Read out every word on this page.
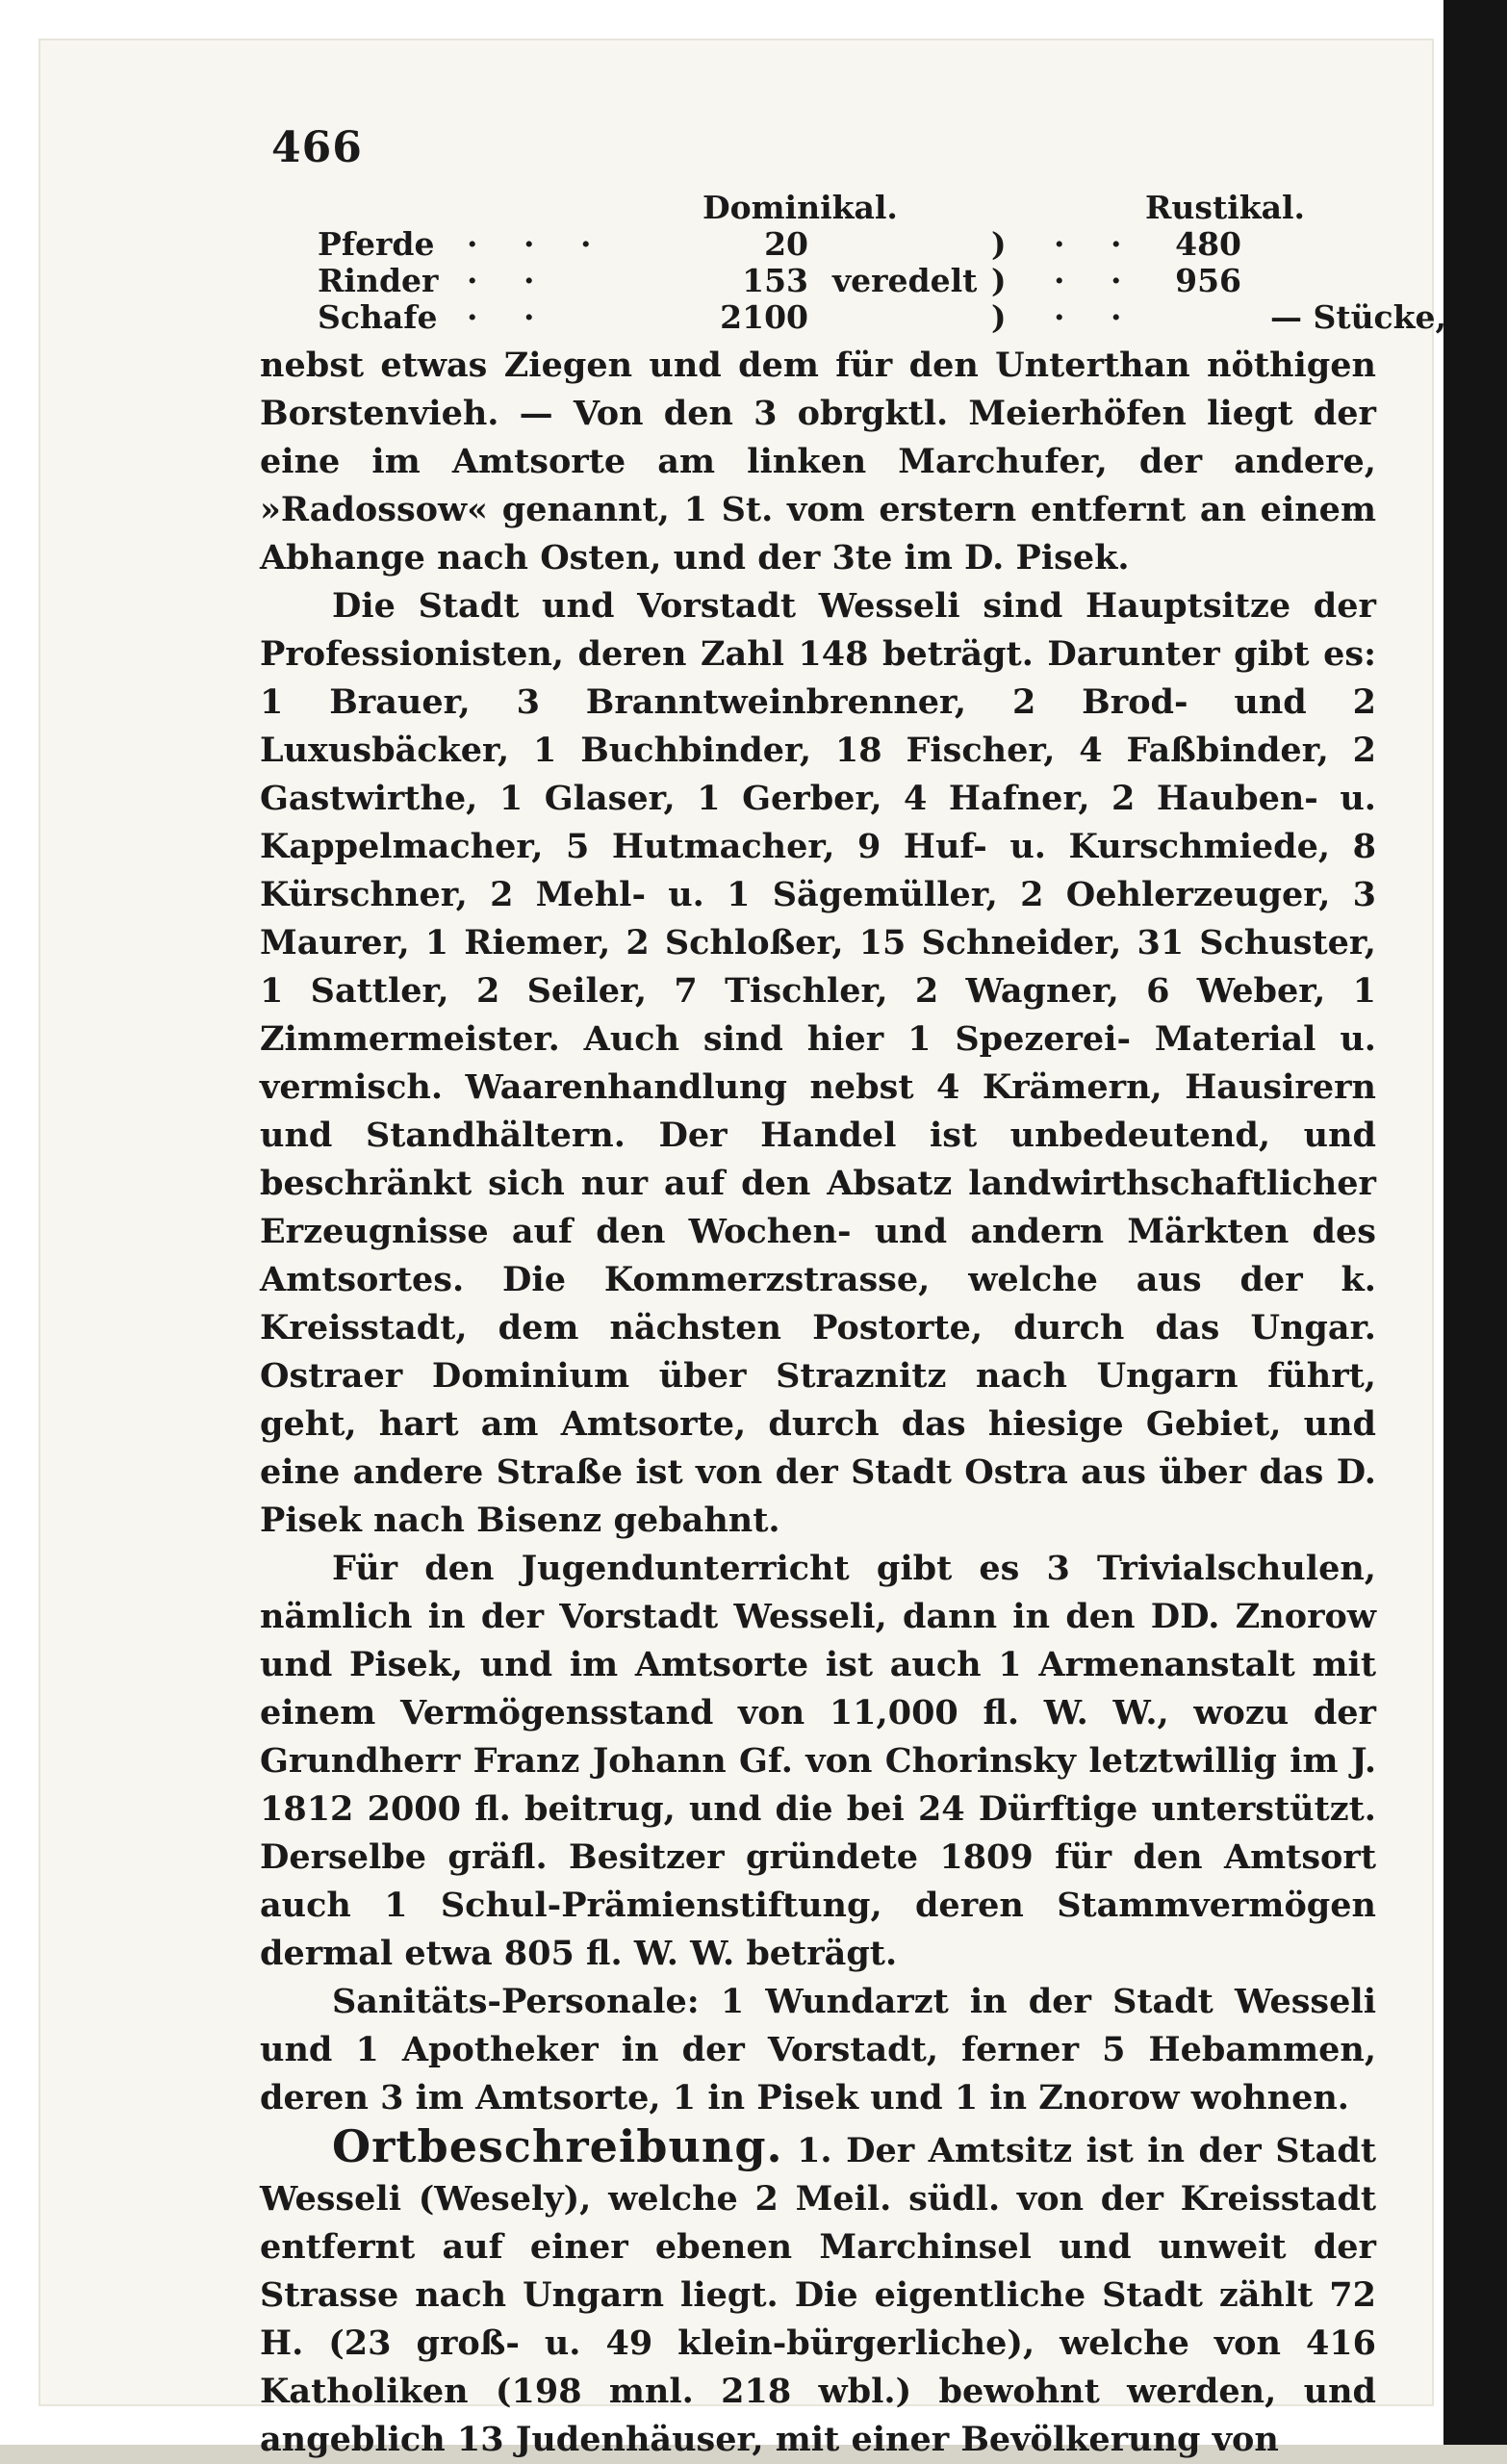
466
Dominikal.	Rustikal.
Pferde · · ·	20	) · ·	480
Rinder · ·	153 veredelt ) · ·	956
Schafe · ·	2100	) · ·	— Stücke,

nebst etwas Ziegen und dem für den Unterthan nöthigen Borstenvieh. — Von den 3 obrgktl. Meierhöfen liegt der eine im Amtsorte am linken Marchufer, der andere, »Radossow« genannt, 1 St. vom erstern entfernt an einem Abhange nach Osten, und der 3te im D. Pisek.

Die Stadt und Vorstadt Wesseli sind Hauptsitze der Professionisten, deren Zahl 148 beträgt. Darunter gibt es: 1 Brauer, 3 Branntweinbrenner, 2 Brod- und 2 Luxusbäcker, 1 Buchbinder, 18 Fischer, 4 Faßbinder, 2 Gastwirthe, 1 Glaser, 1 Gerber, 4 Hafner, 2 Hauben- u. Kappelmacher, 5 Hutmacher, 9 Huf- u. Kurschmiede, 8 Kürschner, 2 Mehl- u. 1 Sägemüller, 2 Oehlerzeuger, 3 Maurer, 1 Riemer, 2 Schloßer, 15 Schneider, 31 Schuster, 1 Sattler, 2 Seiler, 7 Tischler, 2 Wagner, 6 Weber, 1 Zimmermeister. Auch sind hier 1 Spezerei- Material u. vermisch. Waarenhandlung nebst 4 Krämern, Hausirern und Standhältern. Der Handel ist unbedeutend, und beschränkt sich nur auf den Absatz landwirthschaftlicher Erzeugnisse auf den Wochen- und andern Märkten des Amtsortes. Die Kommerzstrasse, welche aus der k. Kreisstadt, dem nächsten Postorte, durch das Ungar. Ostraer Dominium über Straznitz nach Ungarn führt, geht, hart am Amtsorte, durch das hiesige Gebiet, und eine andere Straße ist von der Stadt Ostra aus über das D. Pisek nach Bisenz gebahnt.

Für den Jugendunterricht gibt es 3 Trivialschulen, nämlich in der Vorstadt Wesseli, dann in den DD. Znorow und Pisek, und im Amtsorte ist auch 1 Armenanstalt mit einem Vermögensstand von 11,000 fl. W. W., wozu der Grundherr Franz Johann Gf. von Chorinsky letztwillig im J. 1812 2000 fl. beitrug, und die bei 24 Dürftige unterstützt. Derselbe gräfl. Besitzer gründete 1809 für den Amtsort auch 1 Schul-Prämienstiftung, deren Stammvermögen dermal etwa 805 fl. W. W. beträgt.

Sanitäts-Personale: 1 Wundarzt in der Stadt Wesseli und 1 Apotheker in der Vorstadt, ferner 5 Hebammen, deren 3 im Amtsorte, 1 in Pisek und 1 in Znorow wohnen.

Ortbeschreibung. 1. Der Amtsitz ist in der Stadt Wesseli (Wesely), welche 2 Meil. südl. von der Kreisstadt entfernt auf einer ebenen Marchinsel und unweit der Strasse nach Ungarn liegt. Die eigentliche Stadt zählt 72 H. (23 groß- u. 49 klein-bürgerliche), welche von 416 Katholiken (198 mnl. 218 wbl.) bewohnt werden, und angeblich 13 Judenhäuser, mit einer Bevölkerung von
